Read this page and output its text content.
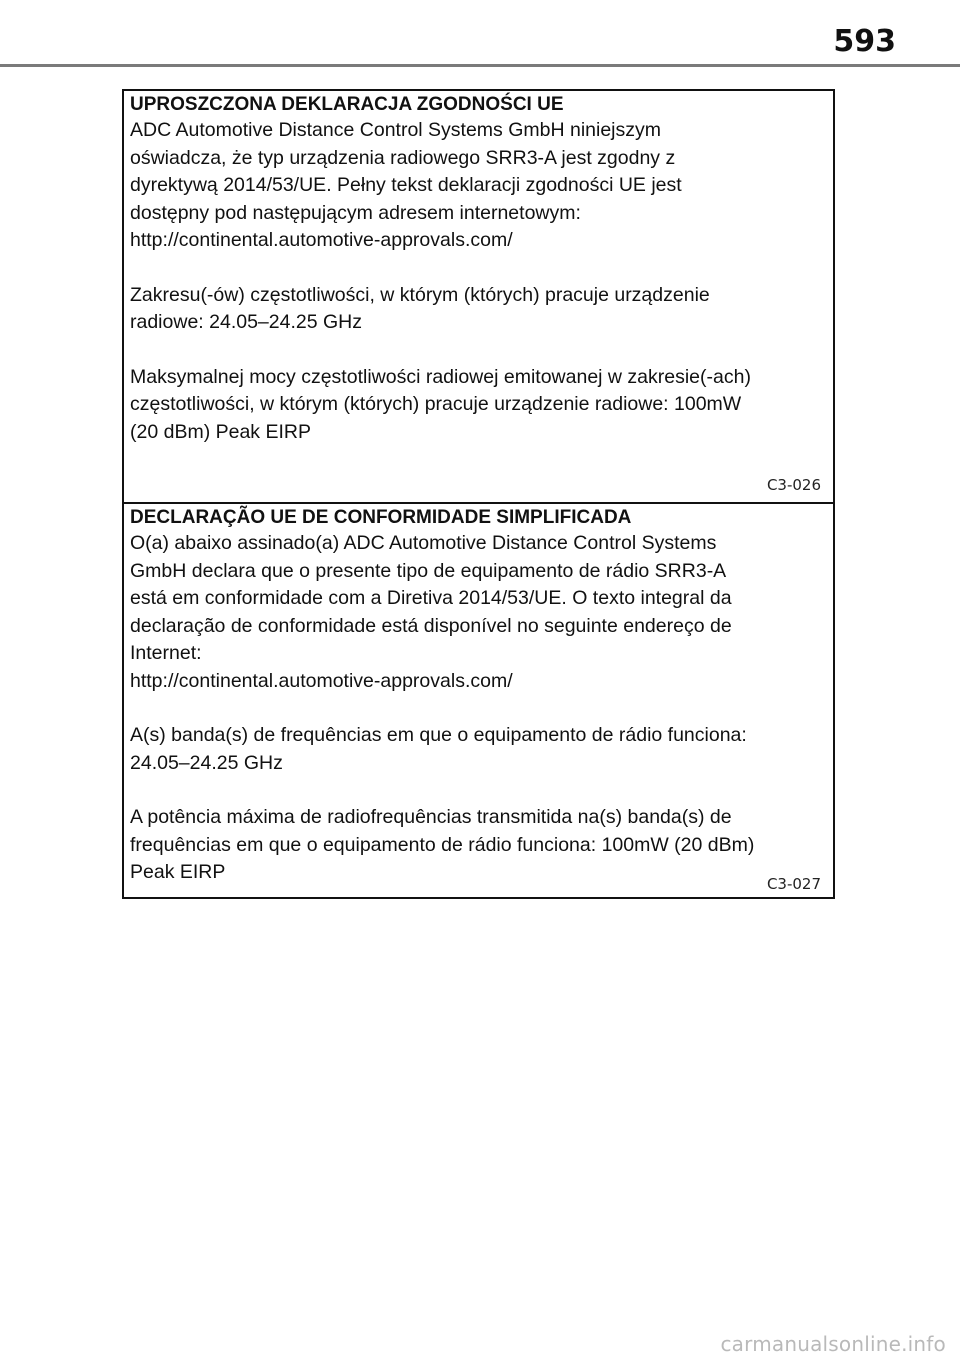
593

UPROSZCZONA DEKLARACJA ZGODNOŚCI UE

ADC Automotive Distance Control Systems GmbH niniejszym
oświadcza, że typ urządzenia radiowego SRR3-A jest zgodny z
dyrektywą 2014/53/UE. Pełny tekst deklaracji zgodności UE jest
dostępny pod następującym adresem internetowym:
http://continental.automotive-approvals.com/

Zakresu(-ów) częstotliwości, w którym (których) pracuje urządzenie
radiowe: 24.05–24.25 GHz

Maksymalnej mocy częstotliwości radiowej emitowanej w zakresie(-ach)
częstotliwości, w którym (których) pracuje urządzenie radiowe: 100mW
(20 dBm) Peak EIRP

C3-026

DECLARAÇÃO UE DE CONFORMIDADE SIMPLIFICADA

O(a) abaixo assinado(a) ADC Automotive Distance Control Systems
GmbH declara que o presente tipo de equipamento de rádio SRR3-A
está em conformidade com a Diretiva 2014/53/UE. O texto integral da
declaração de conformidade está disponível no seguinte endereço de
Internet:
http://continental.automotive-approvals.com/

A(s) banda(s) de frequências em que o equipamento de rádio funciona:
24.05–24.25 GHz

A potência máxima de radiofrequências transmitida na(s) banda(s) de
frequências em que o equipamento de rádio funciona: 100mW (20 dBm)
Peak EIRP

C3-027
carmanualsonline.info
